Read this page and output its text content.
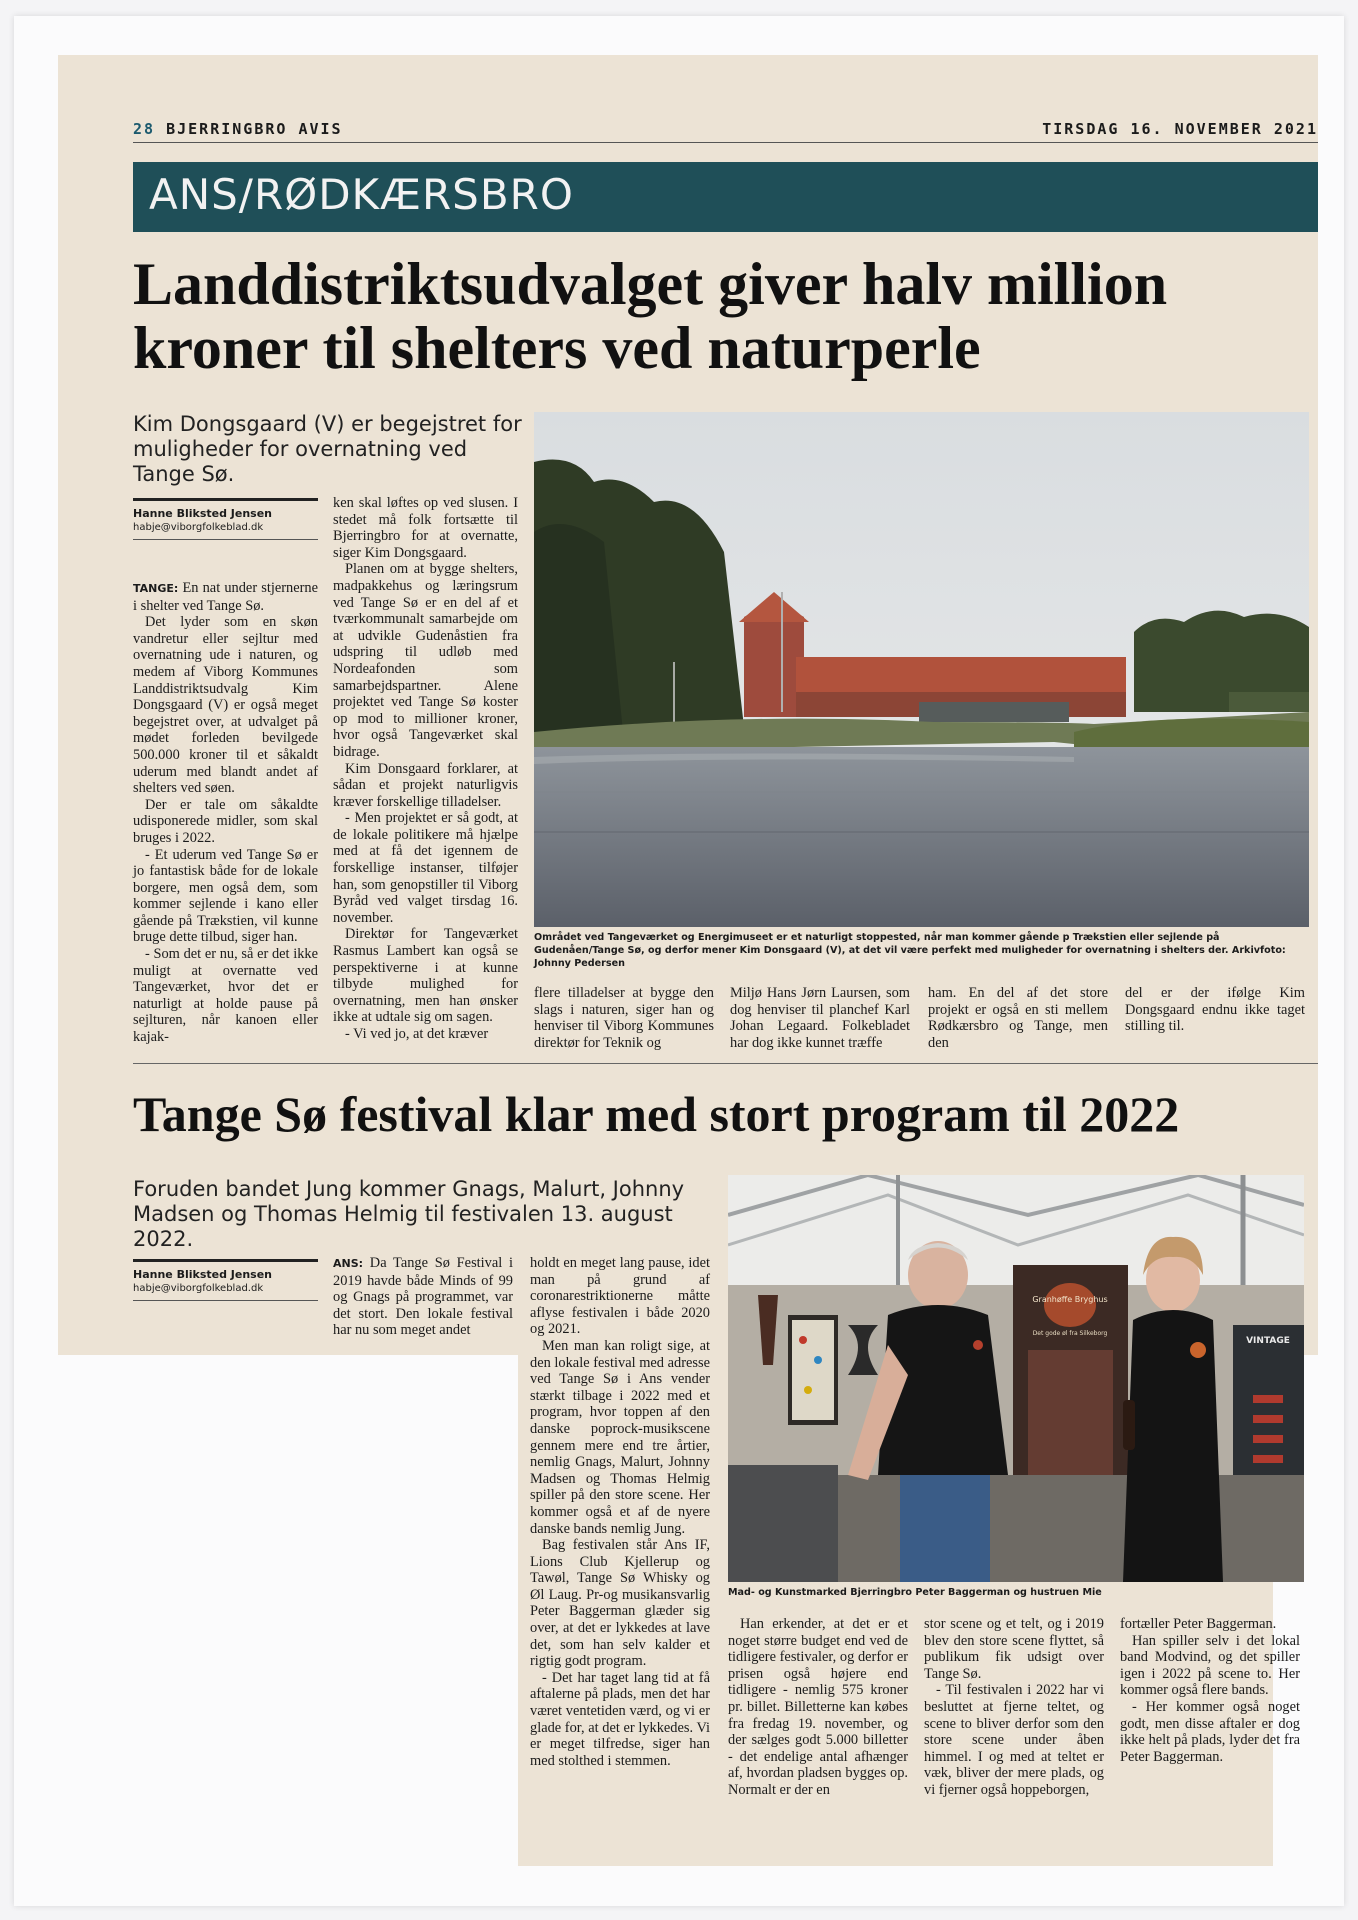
28 BJERRINGBRO AVIS	TIRSDAG 16. NOVEMBER 2021
ANS/RØDKÆRSBRO
Landdistriktsudvalget giver halv million kroner til shelters ved naturperle
Kim Dongsgaard (V) er begejstret for muligheder for overnatning ved Tange Sø.
Hanne Bliksted Jensen
habje@viborgfolkeblad.dk

TANGE: En nat under stjernerne i shelter ved Tange Sø.

Det lyder som en skøn vandretur eller sejltur med overnatning ude i naturen, og medem af Viborg Kommunes Landdistriktsudvalg Kim Dongsgaard (V) er også meget begejstret over, at udvalget på mødet forleden bevilgede 500.000 kroner til et såkaldt uderum med blandt andet af shelters ved søen.

Der er tale om såkaldte udisponerede midler, som skal bruges i 2022.

- Et uderum ved Tange Sø er jo fantastisk både for de lokale borgere, men også dem, som kommer sejlende i kano eller gående på Trækstien, vil kunne bruge dette tilbud, siger han.

- Som det er nu, så er det ikke muligt at overnatte ved Tangeværket, hvor det er naturligt at holde pause på sejlturen, når kanoen eller kajak-

ken skal løftes op ved slusen. I stedet må folk fortsætte til Bjerringbro for at overnatte, siger Kim Dongsgaard.

Planen om at bygge shelters, madpakkehus og læringsrum ved Tange Sø er en del af et tværkommunalt samarbejde om at udvikle Gudenåstien fra udspring til udløb med Nordeafonden som samarbejdspartner. Alene projektet ved Tange Sø koster op mod to millioner kroner, hvor også Tangeværket skal bidrage.

Kim Donsgaard forklarer, at sådan et projekt naturligvis kræver forskellige tilladelser.

- Men projektet er så godt, at de lokale politikere må hjælpe med at få det igennem de forskellige instanser, tilføjer han, som genopstiller til Viborg Byråd ved valget tirsdag 16. november.

Direktør for Tangeværket Rasmus Lambert kan også se perspektiverne i at kunne tilbyde mulighed for overnatning, men han ønsker ikke at udtale sig om sagen.

- Vi ved jo, at det kræver

Området ved Tangeværket og Energimuseet er et naturligt stoppested, når man kommer gående p Trækstien eller sejlende på Gudenåen/Tange Sø, og derfor mener Kim Donsgaard (V), at det vil være perfekt med muligheder for overnatning i shelters der. Arkivfoto: Johnny Pedersen

flere tilladelser at bygge den slags i naturen, siger han og henviser til Viborg Kommunes direktør for Teknik og

Miljø Hans Jørn Laursen, som dog henviser til planchef Karl Johan Legaard. Folkebladet har dog ikke kunnet træffe

ham. En del af det store projekt er også en sti mellem Rødkærsbro og Tange, men den

del er der ifølge Kim Dongsgaard endnu ikke taget stilling til.

Tange Sø festival klar med stort program til 2022
Foruden bandet Jung kommer Gnags, Malurt, Johnny Madsen og Thomas Helmig til festivalen 13. august 2022.
Hanne Bliksted Jensen
habje@viborgfolkeblad.dk

ANS: Da Tange Sø Festival i 2019 havde både Minds of 99 og Gnags på programmet, var det stort. Den lokale festival har nu som meget andet

holdt en meget lang pause, idet man på grund af coronarestriktionerne måtte aflyse festivalen i både 2020 og 2021.

Men man kan roligt sige, at den lokale festival med adresse ved Tange Sø i Ans vender stærkt tilbage i 2022 med et program, hvor toppen af den danske poprock-musikscene gennem mere end tre årtier, nemlig Gnags, Malurt, Johnny Madsen og Thomas Helmig spiller på den store scene. Her kommer også et af de nyere danske bands nemlig Jung.

Bag festivalen står Ans IF, Lions Club Kjellerup og Tawøl, Tange Sø Whisky og Øl Laug. Pr-og musikansvarlig Peter Baggerman glæder sig over, at det er lykkedes at lave det, som han selv kalder et rigtig godt program.

- Det har taget lang tid at få aftalerne på plads, men det har været ventetiden værd, og vi er glade for, at det er lykkedes. Vi er meget tilfredse, siger han med stolthed i stemmen.

Granhøffe Bryghus
Det gode øl fra Silkeborg
VINTAGE
Mad- og Kunstmarked Bjerringbro Peter Baggerman og hustruen Mie

Han erkender, at det er et noget større budget end ved de tidligere festivaler, og derfor er prisen også højere end tidligere - nemlig 575 kroner pr. billet. Billetterne kan købes fra fredag 19. november, og der sælges godt 5.000 billetter - det endelige antal afhænger af, hvordan pladsen bygges op. Normalt er der en

stor scene og et telt, og i 2019 blev den store scene flyttet, så publikum fik udsigt over Tange Sø.

- Til festivalen i 2022 har vi besluttet at fjerne teltet, og scene to bliver derfor som den store scene under åben himmel. I og med at teltet er væk, bliver der mere plads, og vi fjerner også hoppeborgen,

fortæller Peter Baggerman.

Han spiller selv i det lokal band Modvind, og det spiller igen i 2022 på scene to. Her kommer også flere bands.

- Her kommer også noget godt, men disse aftaler er dog ikke helt på plads, lyder det fra Peter Baggerman.
